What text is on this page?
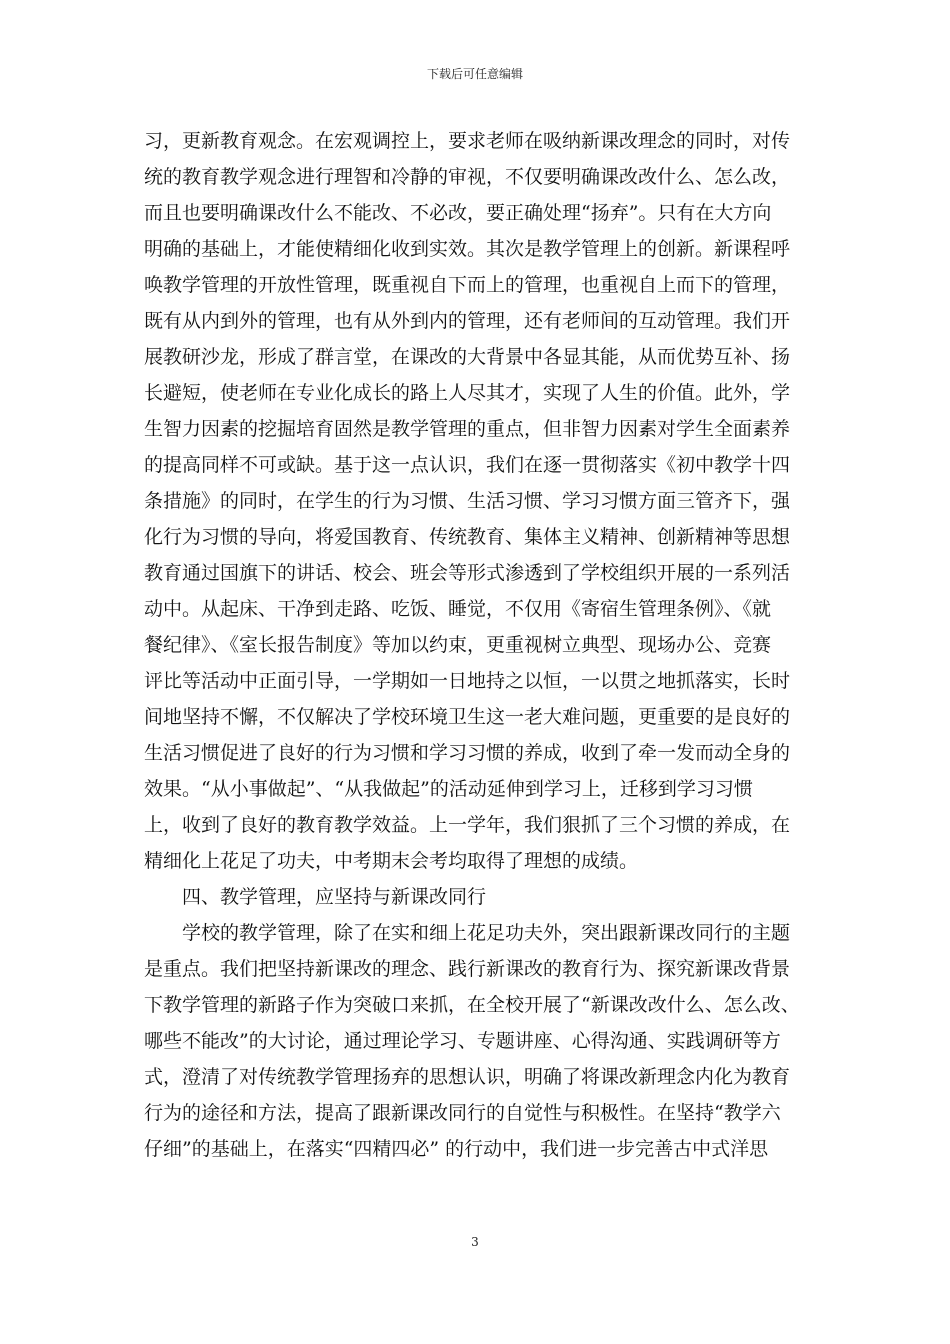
下载后可任意编辑
习，更新教育观念。在宏观调控上，要求老师在吸纳新课改理念的同时，对传
统的教育教学观念进行理智和冷静的审视，不仅要明确课改改什么、怎么改，
而且也要明确课改什么不能改、不必改，要正确处理“扬弃”。只有在大方向
明确的基础上，才能使精细化收到实效。其次是教学管理上的创新。新课程呼
唤教学管理的开放性管理，既重视自下而上的管理，也重视自上而下的管理，
既有从内到外的管理，也有从外到内的管理，还有老师间的互动管理。我们开
展教研沙龙，形成了群言堂，在课改的大背景中各显其能，从而优势互补、扬
长避短，使老师在专业化成长的路上人尽其才，实现了人生的价值。此外，学
生智力因素的挖掘培育固然是教学管理的重点，但非智力因素对学生全面素养
的提高同样不可或缺。基于这一点认识，我们在逐一贯彻落实《初中教学十四
条措施》的同时，在学生的行为习惯、生活习惯、学习习惯方面三管齐下，强
化行为习惯的导向，将爱国教育、传统教育、集体主义精神、创新精神等思想
教育通过国旗下的讲话、校会、班会等形式渗透到了学校组织开展的一系列活
动中。从起床、干净到走路、吃饭、睡觉，不仅用《寄宿生管理条例》、《就
餐纪律》、《室长报告制度》等加以约束，更重视树立典型、现场办公、竞赛
评比等活动中正面引导，一学期如一日地持之以恒，一以贯之地抓落实，长时
间地坚持不懈，不仅解决了学校环境卫生这一老大难问题，更重要的是良好的
生活习惯促进了良好的行为习惯和学习习惯的养成，收到了牵一发而动全身的
效果。“从小事做起”、“从我做起”的活动延伸到学习上，迁移到学习习惯
上，收到了良好的教育教学效益。上一学年，我们狠抓了三个习惯的养成，在
精细化上花足了功夫，中考期末会考均取得了理想的成绩。
　　四、教学管理，应坚持与新课改同行
　　学校的教学管理，除了在实和细上花足功夫外，突出跟新课改同行的主题
是重点。我们把坚持新课改的理念、践行新课改的教育行为、探究新课改背景
下教学管理的新路子作为突破口来抓，在全校开展了“新课改改什么、怎么改、
哪些不能改”的大讨论，通过理论学习、专题讲座、心得沟通、实践调研等方
式，澄清了对传统教学管理扬弃的思想认识，明确了将课改新理念内化为教育
行为的途径和方法，提高了跟新课改同行的自觉性与积极性。在坚持“教学六
仔细”的基础上，在落实“四精四必” 的行动中，我们进一步完善古中式洋思
3
